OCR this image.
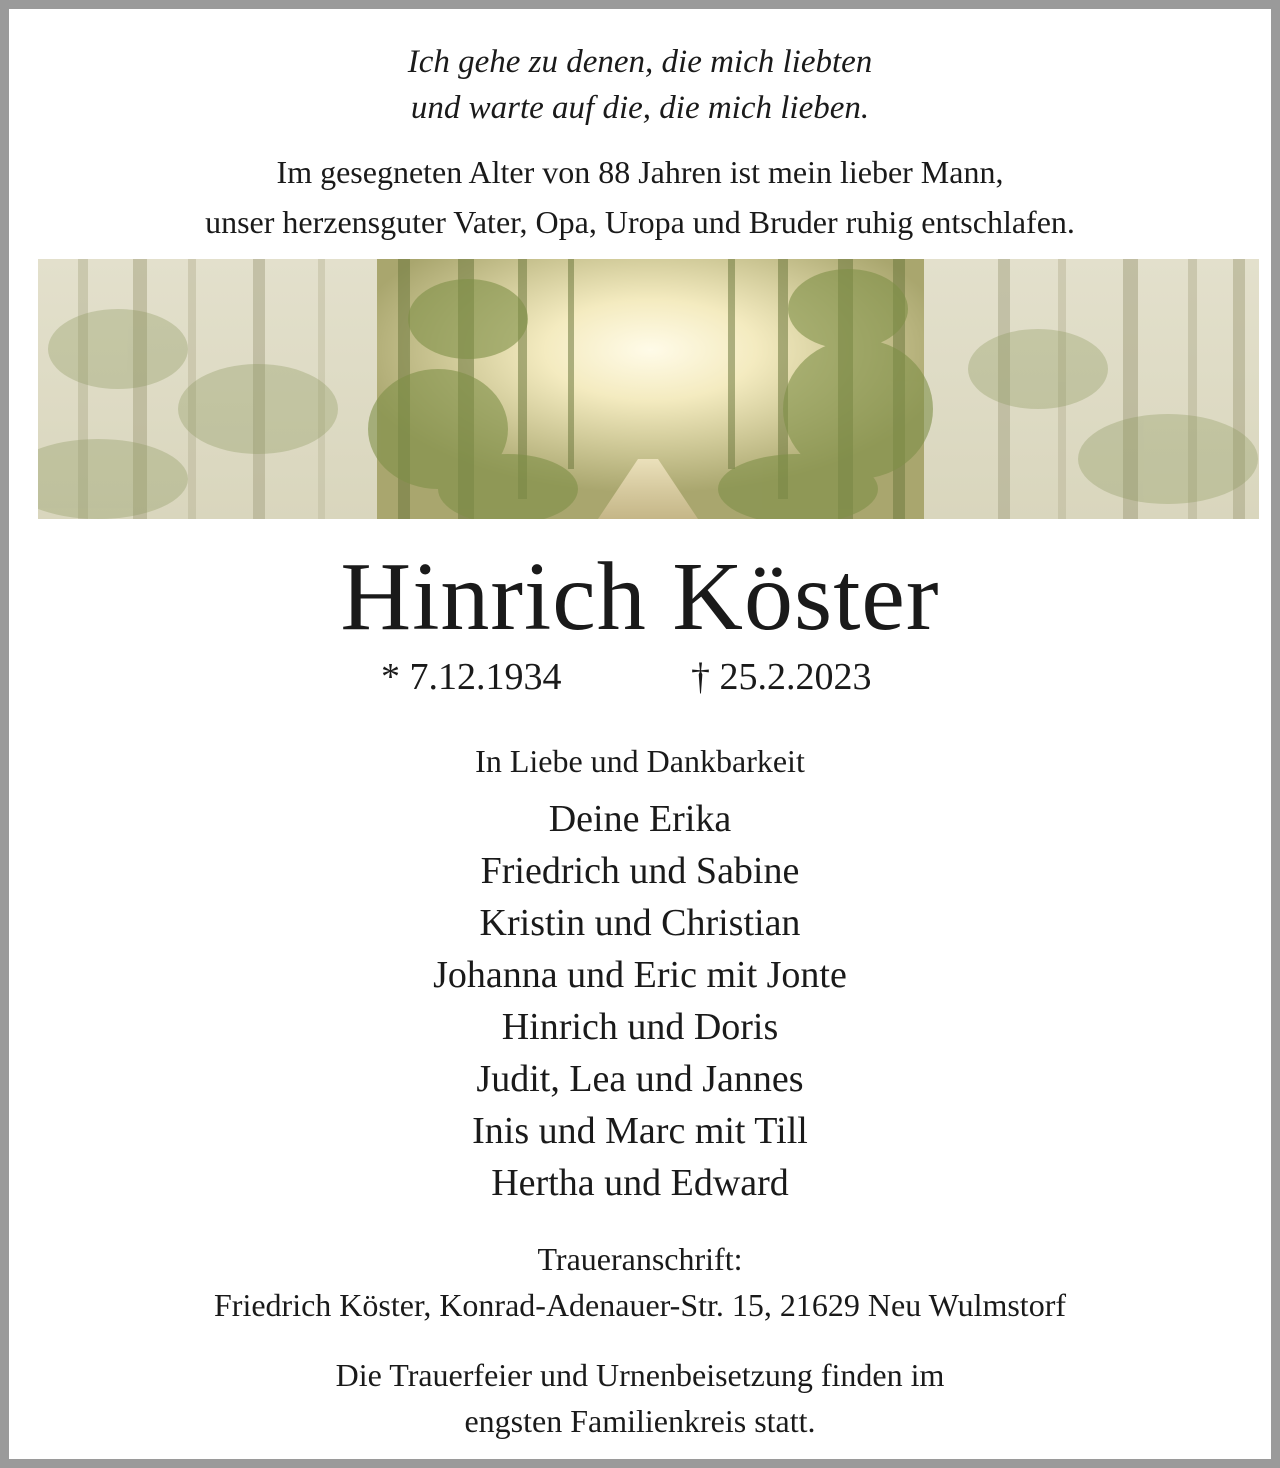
Ich gehe zu denen, die mich liebten
und warte auf die, die mich lieben.
Im gesegneten Alter von 88 Jahren ist mein lieber Mann,
unser herzensguter Vater, Opa, Uropa und Bruder ruhig entschlafen.
Hinrich Köster
* 7.12.1934	† 25.2.2023
In Liebe und Dankbarkeit
Deine Erika
Friedrich und Sabine
Kristin und Christian
Johanna und Eric mit Jonte
Hinrich und Doris
Judit, Lea und Jannes
Inis und Marc mit Till
Hertha und Edward
Traueranschrift:
Friedrich Köster, Konrad-Adenauer-Str. 15, 21629 Neu Wulmstorf
Die Trauerfeier und Urnenbeisetzung finden im
engsten Familienkreis statt.
